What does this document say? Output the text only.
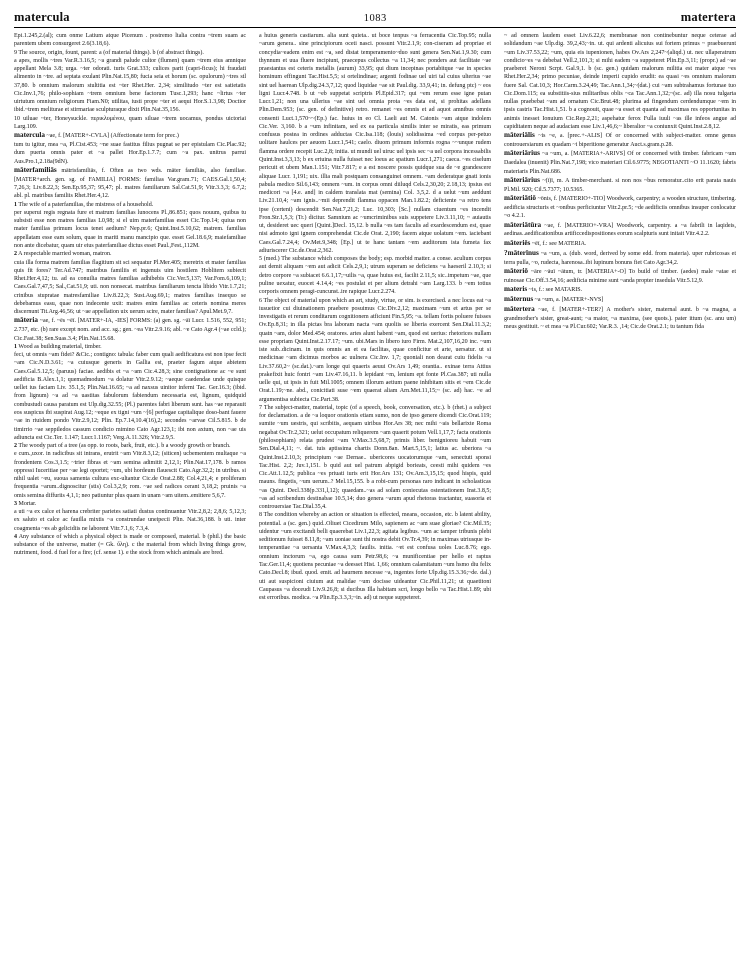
matercula	1083	matertera

Epi.1.245,2.(al); cum onme Latium atque Picenum . postremo ltalia contra ~trem suam ac parentem ubem consurgeret 2.6(3.18,6).

9 The source, origin, fount, parent: a (of material things). b (of abstract things).

a apes, mollis ~tres Var.R.3.16,5; ~a grandi palude cultor (flumen) quam ~trem eius amnique appellant Mela 3.8; urga. ~ter odorati. turis Grat.333; culices parit (capri-ficus); hi fraudati alimento in ~tre. ad septata exulant Plin.Nat.15,80; fucia seia et horum (sc. opulorum) ~tres stl 37,80. b omnium malorum stultitia est ~ter Rhet.Her. 2,34; similitudo ~ter est satietatis Cic.Inv.1,76; philo-sophiam ~trem omnium bene factorum Tusc.1,293; hanc ~lirtus ~ter uirtutum omnium religiorum Fiam.N0; utilitas, iusti prope ~ter et aequi Hor.S.1.3,98; Doctior ibid.~trem meliturae et stirmariae sculpturaque dixit Plin.Nat.35,156.

10 uiluae ~ter, Honeysuckle. περικλυμένου, quam siluae ~trem uocamus, pondus uictoriai Larg.109.

matercula ~ae, f. [MATER+-CVLA] (Affectionate term for prec.)

tum tu igitur, mea ~a, Pl.Cist.453; ~ne suae fastitus filius pugnat se per epistulam Cic.Plac.92; dum puerta omnis pater et ~a pallet Hor.Ep.1.7.7; cum ~a pax. unitrus parrui Aus.Pro.1,2.18a(9dN).

māterfamiliās mātrisfamiliās, f. Often as two wds. māter familiās, also familiae. [MATER+arch. gen. sg. of FAMILIA] FORMS: familias Var.gram.71; CAES.Gal.1,50,4; 7,26,3; Liv.8.22,3; Sen.Ep.95,37; 95,47; pl. matres familiarum Sal.Cat.51,9; Vitr.3.3,3; 6.7,2; abl. pl. matribus familiis Rhet.Her.4,12.

1 The wife of a paterfamilias, the mistress of a household.

per superui regis regnata fure et matrum familias lunocens Pl.,86.851; quos nouum, quibus tu subsisti esse non matres familias L0,98; si el uim materfamilias esset Cic.Top.14; quiua non mater familias primum locus tenet aedium? Nep.pr.6; Quint.Inst.5.10,62; matrem. familias appellatam esse eam solum, quae in mariti manu mancipio que. esset Gel.18.6,9; maiefamiliae non ante dicebatur, quam uir eius paterfamiliae dictus esset Paul.,Fest.,112M.

2 A respectable married woman, matron.

cuia illa forma matrem familias flagitium sit sci sequatur Pl.Mer.405; meretrix et mater familias quis fit fores? Ter.Ad.747; matribus familiis et ingenuis uim hostilem Hoblitem subiecit Rhet.Her.4,12; tu. ad ea conuilia matres familias adhibebis Cic.Ver.5,137; Var.Fom.6,109,1; Caes.Gal.7,47,5; Sal.,Cat.51,9; uti. non nonsecat. matribus familiarum tencta libido Vitr.1.7,21; crinibus stupratae matresfamiliae Liv.8.22,3; Sust.Aug.69,1; matres familias insequo se debebamus easu, quae non indecente uxit: matres enim familias ac ceteris nomina meres discernunt Tit.Arg.46,56; ut ~ae appellation uix uerum scire, mater familias? Apul.Met.9,7.

māteria ~ae, f. ~ēs ~ēī. [MATER+-IA, -IES] FORMS: (a) gen. sg. ~āī Lucr. 1.516, 552, 951; 2.737, etc. (b) rare except nom. and acc. sg.; gen. ~ea Vitr.2.9.16; abl. ~e Cato Agr.4 (~ae ccld.); Cic.Fast.38; Sen.Suas.3.4; Plin.Nat.15.68.

1 Wood as building material, timber.

feci, ut omnis ~am fidei? &Cic.; contigno: tabula: faber cum quali aedificatura est non ipse fecit ~am Cic.N.D.3.61; ~a cuiusque generis in Gallia est, praeter fagum atque abietem Caes.Gal.5.12,5; (paruus) faciae. aedibis et ~a ~am Cic.4.28,3; sine contignatione ac ~e sunt aedificia B.Alex.1,1; quemadmodum ~a dolatur Vitr.2.9.12; ~aeque caedendae unde quisque uellet ius faciam Liv. 35.1,5; Plin.Nat.16.65; ~a ad naxsus uinitor inferni Tac. Ger.16.3; (ibid. from lignum) ~a ad ~a uastitas fabulorum fabiendum necessaria est, lignum, quidquid combustudi causa paratum est Ulp.dig.32.55; (Pl.) parentes fabri liberum sunt. has ~ae reparauit eos suspicus ibi suspirat Aug.12; ~eque ex tigni ~um ~[6] perfugae capitalique doso-bant fauere ~ae in riuidem pondo Vitr.2.9,12; Plin. Ep.7.14,10.4(16),2; secondes ~arvae Cil.5.815. b de timirrio ~ae seppiledos cassum condicio mimino Cato Agr.123,1; ibi non axtum, non ~ae uis adiuncta est Cic.Ter. 1.147; Lucr.1.1167; Verg.A.11.326; Vitr.2.9,5.

2 The woody part of a tree (as opp. to roots, bark, fruit, etc.). b a woody growth or branch.

e cum.,uxor. in radicibus sit intrans, erutrit ~am Vitr.8.3,12; (siticen) ucbementem multaque ~a frondentem Cos.3,1.5; ~trier fibras et ~am semina adimitit 2,12,1; Plin.Nat.17,178. b ramos oppressi Iuceritiae per ~ae legi oportet; ~um, ubi hordeum flauescit Cato.Agr.32,2; in utribus. si nihil ualet ~eu, suoua samenta cultura exc-ultantur Cic.de Orat.2.88; Col.4,21,4; e proliferam frequentia ~arum..dignoscitur (stis) Col.3,2,9; rom. ~ae sed radices cerant 3,18,2; pruinis ~a omis semina diffuriis 4,1,1; neo patiuntur plus quam in unam ~am uitem..emittere 5,6,7.

3 Mortar.

a uti ~a ex calce et harena crebriter parietes satiati dustus continuantur Vitr.2,8,2; 2,8,6; 5,12,3; ex saluto et calce ac fauilla mixtis ~a construndae uneipecii Plin. Nat.36,188. b uti. inter coagmenta ~es ab gelicidiis ne laborent Vitr.7.1,6; 7.3,4.

4 Any substance of which a physical object is made or composed, material. b (phil.) the basic substance of the universe, matter (= Gk. ὕλη). c the material from which living things grow, nutriment, food. d fuel for a fire; (cf. sense 1). e the stock from which animals are bred.

a huius generis castiarum. alia sunt quieta.. ut boce tenpus ~a ferracentia Cic.Top.95; nulla ~arum genera.. sine principiorum oceti nasci. possunt Vitr.2.1,9; con-ciseram ad propriae et concydia~eadem enim est ~a, sed distat temperamento~duo sunt genera Sen.Nat.1,9.30; cum thynnum et uua fluere incipiunt, praecepus collectus ~a 11,34; nec ponders aut facilitate ~ae praestantus est ceteris metallis (aurum) 33,95; qui dium incepinas portabitque ~ae in species hominum effingunt Tac.Hist.5,5; si ortelindinae; argenti fodinae uel uiri tal cuius ulterius ~ae sint uel haerean Ulp.dig.24.3,7,12; quod liquidae ~ae sit Paul.dig. 33,9,41; in. defung ptc) ~ eos ligni Lucr.4.748. b ut ~eb suppetat scriptris Pl.Epid.317; qui ~em rerum esse igne putan Lucr.1,21; non una ullerius ~ae sint uel omnia prota ~es data est, si prohitas adellans Plin.Dem.953; (sc. gen. of definitive) retro. remanet ~es omnis et ad aquot amnibus omnis consenti Luct.1,570~~(Ep.) fac. huius in eo Cl. Laeli aut M. Catonis ~am atque indolem Cic.Ver. 3,160. b a ~um infinitam, sed ex ea particula similis inter se miratis, eas primum confusus postea in ordines adductas Cic.Isa.118; (louis) solidissima ~ed corpus per-petuo uolitare haulces per aeuom Lucr.1,541; caelo. diuom primum informis rogna ~~unque rudem flamma ordere recepit Luc.2,8; initia. ut mundi uel uiruc uel ipsis sec ~a uel corpora incessabilis Quint.Inst.3,3,13; b ex eriuina nulla fuisset nec loeus ac spatium Lucr.1,271; caeca. ~es ciselum pericuit et ubem Man.1.151; Vitr.7.817; e a est noscere possis quidque sua de ~e grandescere aliquae Lucr. 1,191; uix. illia mali postquam consanguinei omnem. ~am dederatque gnati ionis pabula medico Sil.6,143; omnem ~um. in corpus omni diiluqd Cels.2,30,20; 2.18,13; ipsius est medicori ~a [4.e. and] in caldem translata mat (semina) Col. 3,5,2. d a uelut ~um aeddunt Liv.21.10,4; ~am ignis..~mii deprendit flamma oppacen Man.1.82.2; deficiente ~a retro tens ipse (certeni) descendit Sen.Nat.7,21,2; Luc. 10,303; [Sc.] nullam ciuentum ~es incendit Fron.Str.1,5,3; (Tr.) dicitur. Samnium ac ~umcriminibus suis suppetere Liv.3.11,10; ~ auiautis ut, desideret uec queri [Quint.]Decl. 15,12. b nulla ~es tam faculis ad exardescendum est, quae nisi admoto igni ignem comprehendat Cic.de Orat. 2,190; facem atque uolatum ~em. iaciebant Caes.Gal.7.24,4; Ov.Met.9,348; [Ep.] ut te hanc tantam ~em auditorum ista fumeta fax adiuriscerer Cic.de.Orat.2,362.

5 (med.) The substance which composes the body; esp. morbid matter. a conse. aculium corpus aut demit aliquam ~em aut adicit Cels.2,9,1; utrum superam se deficiens ~a haeseril 2.10,3; si detro corpore ~a subiacet 6.6.1,17;~uilis ~a, quae huius est, facilit 2.11,5; sic..impetum ~ae, que puline uexatur, euocet 4.14,4; ~es postulat et per alium detrahi ~am Larg.133. b ~em totius corporis omnem peragi-cuncunst..ire rapique Lucr.2.274.

6 The object of material upon which an art, study, virtue, or sim. is exercised. a nec locus eat ~a iusuetior cui diuinationem praebere posuimus Cic.Div.2,12; maximam ~um et artus per se investigatis et rerum conditarum cognitionem atficiunt Fin.5,95; ~a. tellam fortis poluere fuisses Ov.Ep.8,31; in illa pictas bra laboram nacta ~am quoliis se liberia exercent Sen.Dial.11.3,2; quatn ~am, dolor Med.454; oratores. artes alunt habent ~am, quod est uerius: rhetorices nullam esse propriam Quint.Inst.2.17.17; ~um. ubi.Mars in libero iuro Firm. Mat.2,107,16,20 inc. ~um iste sub..dicinam. in quis omnis an et ea facilitas, quae conficitur et arte, uersatur. ut si medicinae ~am dicimus morbos ac uulnera Cic.Inv. 1,7; quoniali non dearat cuiu fidelis ~a Liv.37.60,2~ (sc.dat.).~am longe qui quaeris aeuui Ov.Ars 1,49; orantia.. exinae terra Attius prakefixit huic fontri ~am Liv.47.16,11. b lepidant ~m, lenium ept fonte Pl.Cas.387; uti nulla uelle qui, ut ipsis in fuit Mil.1005; omnem illorum aetium paene inhibitam sitis et ~em Cic.de Orat.1.19;~ne. abd., conicitiati suse ~em quaerat aliam Arn.Met.11,15;~ (sc. ad) hac. ~e ad argumentisa subiecta Cic.Part.38.

7 The subject-matter, material, topic (of a speech, book, conversation, etc.). b (rhet.) a subject for declamation. a de ~a loquor orationis etiam sumo, non de ipso genere dicendi Cic.Orat.119; sumite ~um uestris, qui scribitis, aequam uiribus Hor.Ars 38; nec mihi ~ais bellarixte Roma negabat Ov.Tr.2,321; uelut occupatum reliquerem ~am quaerit potum Vell.1,17,7; facta orationis (philosophiam) relata prudest ~am V.Max.3.5,68,7; primis liber. benignioreu habuit ~um Sen.Dial.4,11; ~. dat. tuis aptissima chartis Donn.8an. Mart.5,15,1; latius ac. uberiora ~a Quint.Inst.2.10,3; principium ~ae Dernae.. ubericores uocatorumque ~am, senectuti sponsi Tac.Hist. 2,2; Juv.1,151. b quid aut uel patrum abpigid borieats, ceesti mihi quidem ~es Cic.Att.1.12,5; publica ~es priuati iuris erit Hor.Ars 131; Ov.Am.3,15,15; quod hispis, quid mauns. fingetis, ~um uerum..? Mel.15,155. b a robi-cum personas raro indicant in scholasticas ~as Quint. Decl.338(p.331,l,12); quaedam..~as ad solam coniecutas ostentationem Inst.3.8,5; ~as ad scribendum destinabae 10.5,14; duo genera ~arum apud rhetoras tractantur, suasoria et controuersiae Tac.Dial.35,4.

8 The condition whereby an action or situation is effected, means, occasion, etc. b latent ability, potential. a (sc. gen.) quid..Oliuet Cicedirum Milo, sapienem ac ~am suae gloriae? Cic.Mil.35; uidentur ~um excitandi belli quaerebat Liv.1,22,3; agitata legibus. ~um ac tamper tribunis plebi seditionum fuisset 8.11,8; ~am uoniae sunt thi nostra debit Ov.Tr.4,39; in maximas utriusque in-temperantiae ~a uersanta V.Max.4,3,3; fauilis. initia. ~et est confusa uoles Luc.8.76; ego. omnium inctorum ~a, ego causa sum Petr.98,6; ~a munificentiae per hello et raptus Tac.Ger.11,4; quotiens pecuniae ~a deesset Hist. 1,66; omnium calamitatum ~um hsmo diu felix Cato.Decl.8; ibud. quod. emit. ad haurnem necesse ~a, ingentes forte Ulp.dig.15.3.36;~de. dal.) uti aut suspicioni ciuium aut malidae ~um docisse uideantur Cic.Phil.11,21; ut quaetitoni Caupasus ~a doceudi Liv.9.26,8; si ducibus Illa habitam scri, longo bello ~a Tac.Hist.1.89; ubi est erroribus. modica. ~a Plin.Ep.3.3,3;~in. ad) ut neque suppeteret.

~ ad omnem laudem esset Liv.6.22,6; membranae non continebuntur neque ceterae ad solidandum ~ae Ulp.dig. 39,2,43;~in. ut. qui ardenti alicuius sui fortem primus ~ praebuerunt ~um Liv.37.53,22; ~um, quia eis iupenionen, habes Ov.Ars 2,247~(aliqd.) ut. nec ullaperatrum condicio~es ~a debebat Vell.2,101,3; si mihi eadem ~a suppeteret Plin.Ep.3,11; (propr.) ad ~ae praeberet Neroni Scrpt. Gal.9,1. b (sc. gen.) quidam malorum militia est mater atque ~es Rhet.Her.2,34; primo pecuniae, deinde imperii cupido erudit: ea quasi ~es omnium malorum fuere Sal. Cat.10,3; Hor.Carm.3.24,49; Tac.Ann.1,34;~(dat.) cui ~am subtrahamus fortunae tuo Cic.Dom.115; ea substitiis-sius militaribus oblis ~ca Tac.Ann.1,32;~(sc. ad) illa nosu tulgarta nullas praebebat ~am ad ornatum Cic.Brut.48; plurima ad fingendum cerdendumque ~em in ipsis castris Tac.Hist.1,51. b a cognouit, quae ~a esset et quanta ad maximas res opportunitas in animis inesset Ionuium Cic.Rep.2,21; aspehatur ferox Fulla iuuli ~as ille infeos angue ad capiditatem neque ad audaciam esse Liv.1,46,6;~ liberalior ~a coniunxit Quint.Inst.2.8,12.

māteriālis ~is ~e, a. [prec.+-ALIS] Of or concerned with subject-matter. omne genus controuersiarum ex quadam ~i biperitione generatur Auct.s.gram.p.28.

māteriārius ~a ~um, a. [MATERIA+-ARIVS] Of or concerned with timber. fabricam ~um Daedalea (inuenit) Plin.Nat.7,198; vico materiari Cil.6.9775; NEGOTIANTI ~O 11.1620; fabris materiaris Plin.Nat.686.

māteriārius ~(ī)ī, m. A timber-merchant. si non nos ~bus remoratur..cito erit parata nauis Pl.Mil. 920; Cil.5.7377; 10.5365.

māteriātiō ~ōnis, f. [MATERIO+-TIO] Woodwork, carpentry; a wooden structure, timbering. aedificia structuris et ~onibus perficiuntur Vitr.2.pr.5; ~de aedificiis omnibus insuper conlocatur ~o 4.2.1.

māteriātūra ~ae, f. [MATERIO+-VRA] Woodwork, carpentry. a ~a fabrili in laqideis, aedinas..aedificationibus artificcedispositiones eorum scalpturis sunt initait Vitr.4.2.2.

māteriēs ~ēī, f.: see MATERIA.

?māterīnus ~a ~um, a. (dub. word, derived by some edd. from materia). uper rubricosas et terra pulla, ~o, rudecta, harenosa..ibi lupinum bonuns fiet Cato Agr.34,2.

māteriō ~āre ~āuī ~ātum, tr. [MATERIA+-O] To build of timber. (aedes) male ~atae et ruinosae Cic.Off.3.54,16; aedificia minime sunt ~anda propter insedula Vitr.5.12,9.

materis ~is, f.: see MATARIS.

māternus ~a ~um, a. [MATER+-NVS]

mātertera ~ae, f. [MATER+-TER?] A mother's sister, maternal aunt. b ~a magna, a grandmother's sister, great-aunt; ~a maior, ~a maxima, (see quots.). pater ittum (sc. anu um) meus gestituit. ~ et mea ~a Pl.Cur.602; Var.R.3. ,14; Cic.de Orat.2.1; tu tantum fida
